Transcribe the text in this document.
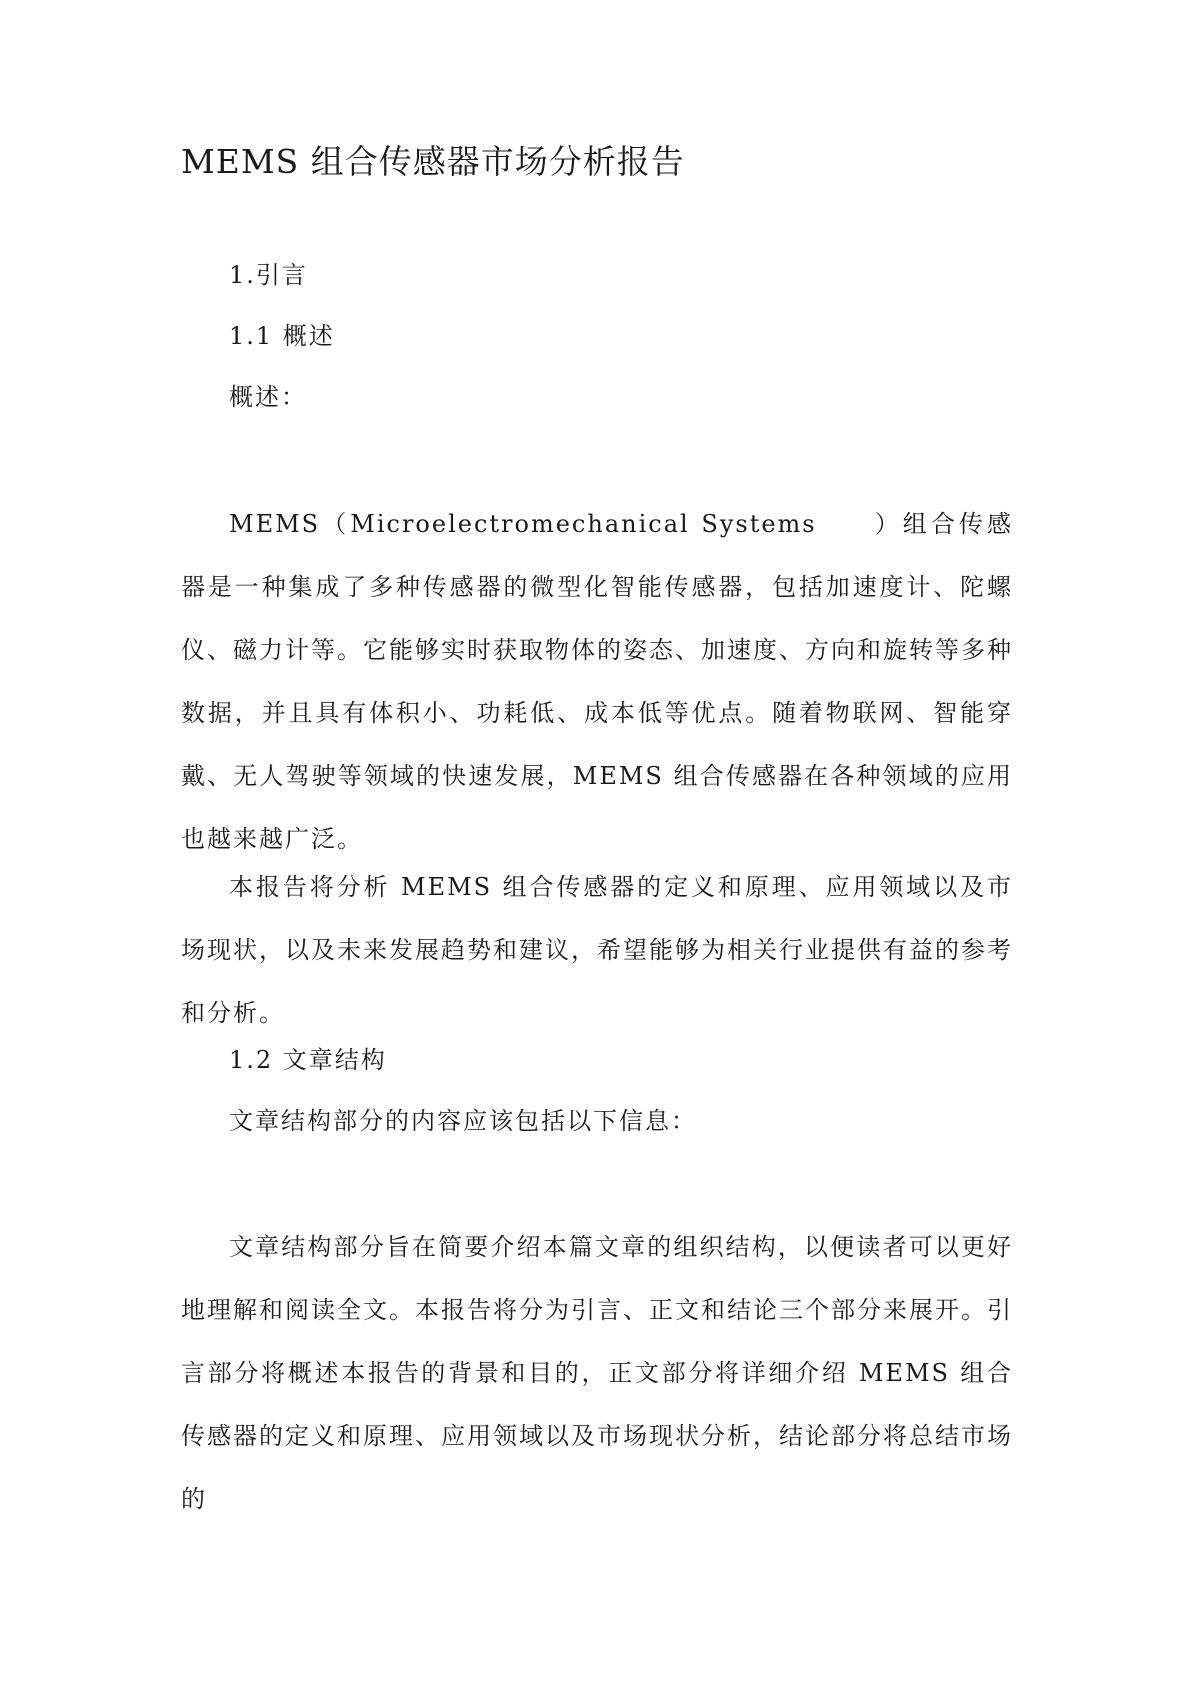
MEMS 组合传感器市场分析报告
1.引言
1.1 概述

概述：

MEMS（Microelectromechanical Systems ）组合传感器是一种集成了多种传感器的微型化智能传感器，包括加速度计、陀螺仪、磁力计等。它能够实时获取物体的姿态、加速度、方向和旋转等多种数据，并且具有体积小、功耗低、成本低等优点。随着物联网、智能穿戴、无人驾驶等领域的快速发展，MEMS 组合传感器在各种领域的应用也越来越广泛。

本报告将分析 MEMS 组合传感器的定义和原理、应用领域以及市场现状，以及未来发展趋势和建议，希望能够为相关行业提供有益的参考和分析。

1.2 文章结构

文章结构部分的内容应该包括以下信息：

文章结构部分旨在简要介绍本篇文章的组织结构，以便读者可以更好地理解和阅读全文。本报告将分为引言、正文和结论三个部分来展开。引言部分将概述本报告的背景和目的，正文部分将详细介绍 MEMS 组合传感器的定义和原理、应用领域以及市场现状分析，结论部分将总结市场的
